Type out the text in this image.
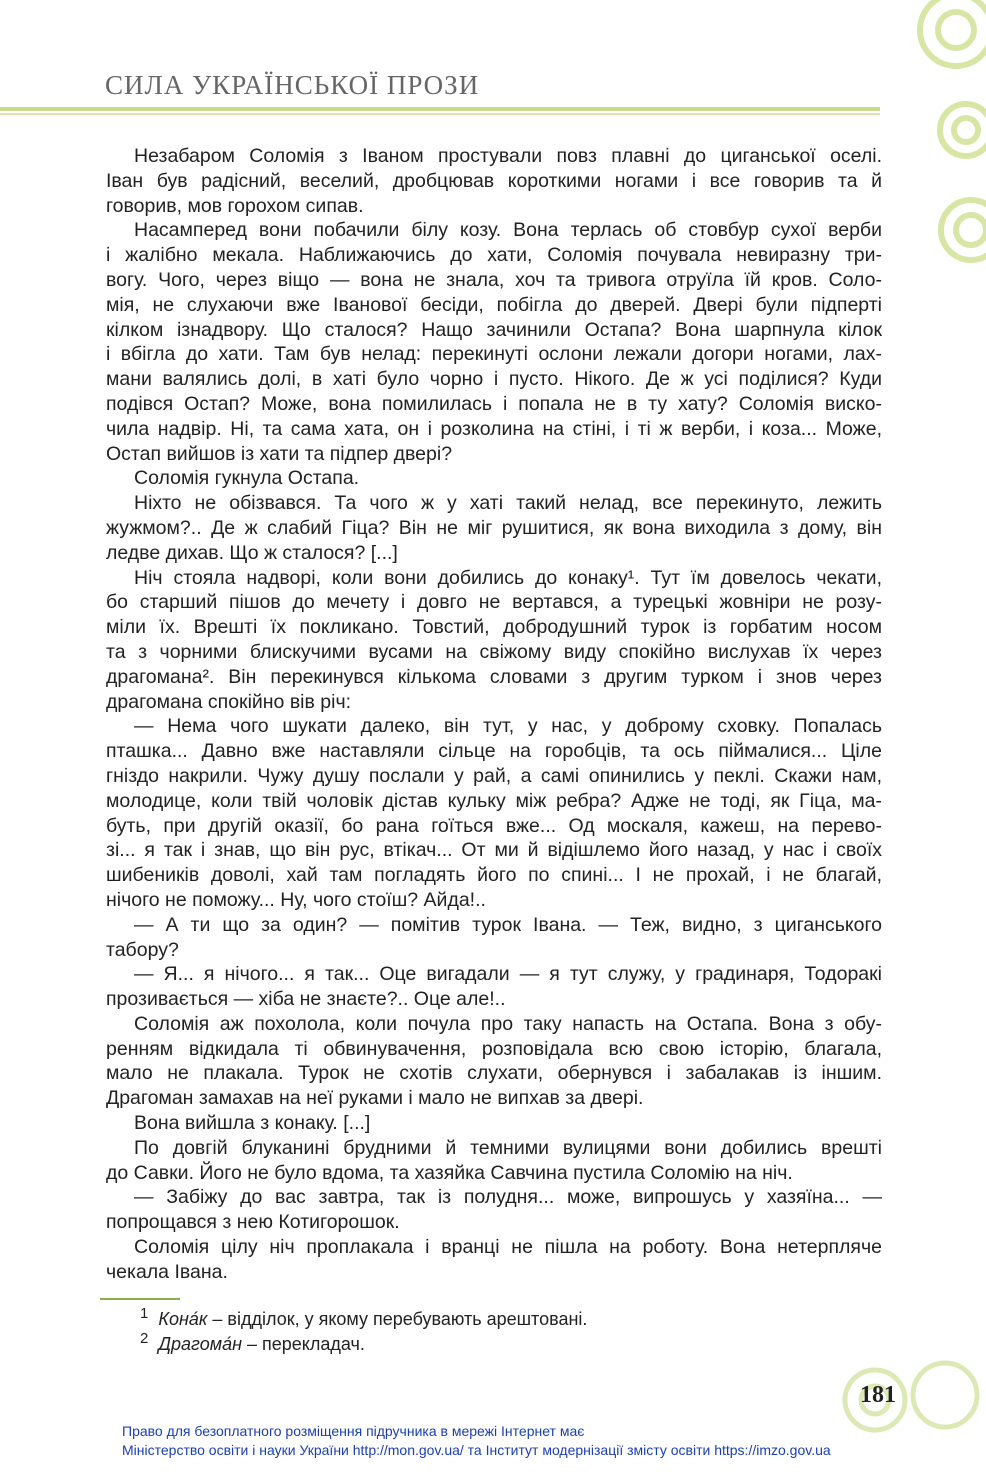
СИЛА УКРАЇНСЬКОЇ ПРОЗИ
Незабаром Соломія з Іваном простували повз плавні до циганської оселі.
Іван був радісний, веселий, дробцював короткими ногами і все говорив та й
говорив, мов горохом сипав.
Насамперед вони побачили білу козу. Вона терлась об стовбур сухої верби
і жалібно мекала. Наближаючись до хати, Соломія почувала невиразну три-
вогу. Чого, через віщо — вона не знала, хоч та тривога отруїла їй кров. Соло-
мія, не слухаючи вже Іванової бесіди, побігла до дверей. Двері були підперті
кілком ізнадвору. Що сталося? Нащо зачинили Остапа? Вона шарпнула кілок
і вбігла до хати. Там був нелад: перекинуті ослони лежали догори ногами, лах-
мани валялись долі, в хаті було чорно і пусто. Нікого. Де ж усі поділися? Куди
подівся Остап? Може, вона помилилась і попала не в ту хату? Соломія виско-
чила надвір. Ні, та сама хата, он і розколина на стіні, і ті ж верби, і коза... Може,
Остап вийшов із хати та підпер двері?
Соломія гукнула Остапа.
Ніхто не обізвався. Та чого ж у хаті такий нелад, все перекинуто, лежить
жужмом?.. Де ж слабий Гіца? Він не міг рушитися, як вона виходила з дому, він
ледве дихав. Що ж сталося? [...]
Ніч стояла надворі, коли вони добились до конаку¹. Тут їм довелось чекати,
бо старший пішов до мечету і довго не вертався, а турецькі жовніри не розу-
міли їх. Врешті їх покликано. Товстий, добродушний турок із горбатим носом
та з чорними блискучими вусами на свіжому виду спокійно вислухав їх через
драгомана². Він перекинувся кількома словами з другим турком і знов через
драгомана спокійно вів річ:
— Нема чого шукати далеко, він тут, у нас, у доброму сховку. Попалась
пташка... Давно вже наставляли сільце на горобців, та ось піймалися... Ціле
гніздо накрили. Чужу душу послали у рай, а самі опинились у пеклі. Скажи нам,
молодице, коли твій чоловік дістав кульку між ребра? Адже не тоді, як Гіца, ма-
буть, при другій оказії, бо рана гоїться вже... Од москаля, кажеш, на перево-
зі... я так і знав, що він рус, втікач... От ми й відішлемо його назад, у нас і своїх
шибеників доволі, хай там погладять його по спині... І не прохай, і не благай,
нічого не поможу... Ну, чого стоїш? Айда!..
— А ти що за один? — помітив турок Івана. — Теж, видно, з циганського
табору?
— Я... я нічого... я так... Оце вигадали — я тут служу, у градинаря, Тодоракі
прозивається — хіба не знаєте?.. Оце але!..
Соломія аж похолола, коли почула про таку напасть на Остапа. Вона з обу-
ренням відкидала ті обвинувачення, розповідала всю свою історію, благала,
мало не плакала. Турок не схотів слухати, обернувся і забалакав із іншим.
Драгоман замахав на неї руками і мало не випхав за двері.
Вона вийшла з конаку. [...]
По довгій блуканині брудними й темними вулицями вони добились врешті
до Савки. Його не було вдома, та хазяйка Савчина пустила Соломію на ніч.
— Забіжу до вас завтра, так із полудня... може, випрошусь у хазяїна... —
попрощався з нею Котигорошок.
Соломія цілу ніч проплакала і вранці не пішла на роботу. Вона нетерпляче
чекала Івана.
$^1$ Кона́к – відділок, у якому перебувають арештовані.
$^2$ Драгома́н – перекладач.
181
Право для безоплатного розміщення підручника в мережі Інтернет має
Міністерство освіти і науки України http://mon.gov.ua/ та Інститут модернізації змісту освіти https://imzo.gov.ua
